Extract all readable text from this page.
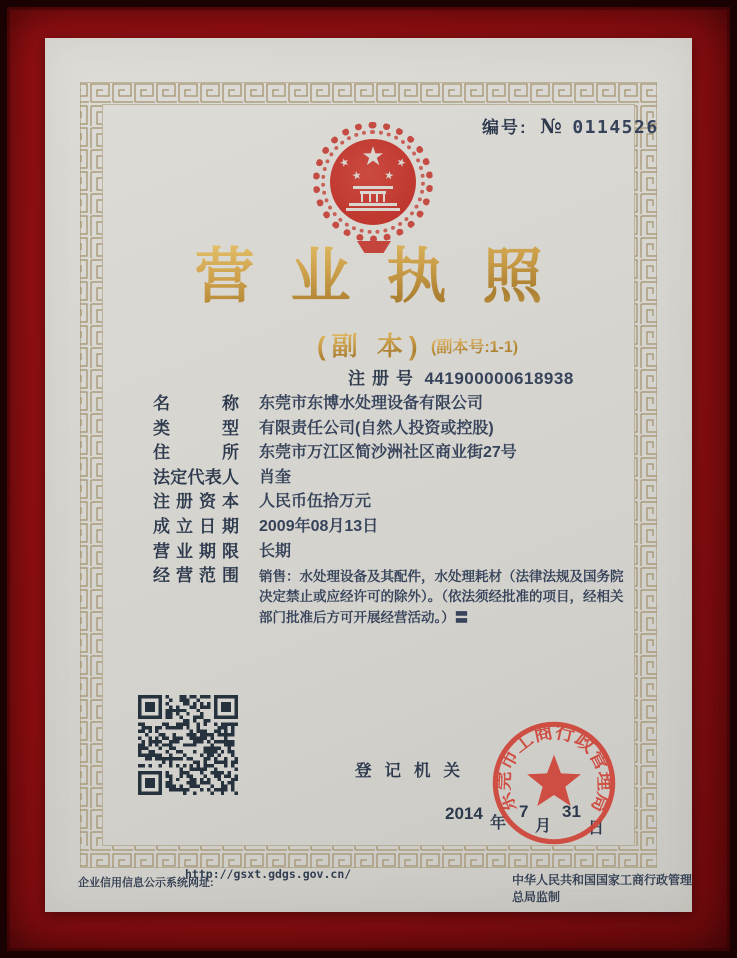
编号: № 0114526
★
★
★ ★
★
营业执照
(副 本) (副本号:1-1)
注册号 441900000618938
名称 东莞市东博水处理设备有限公司
类型 有限责任公司(自然人投资或控股)
住所 东莞市万江区简沙洲社区商业街27号
法定代表人 肖奎
注册资本 人民币伍拾万元
成立日期 2009年08月13日
营业期限 长期
经营范围 销售：水处理设备及其配件，水处理耗材（法律法规及国务院决定禁止或应经许可的除外）。（依法须经批准的项目，经相关部门批准后方可开展经营活动。）〓
登记机关
2014
年
7
月
31
日
东莞市工商行政管理局
企业信用信息公示系统网址:
http://gsxt.gdgs.gov.cn/	中华人民共和国国家工商行政管理总局监制
